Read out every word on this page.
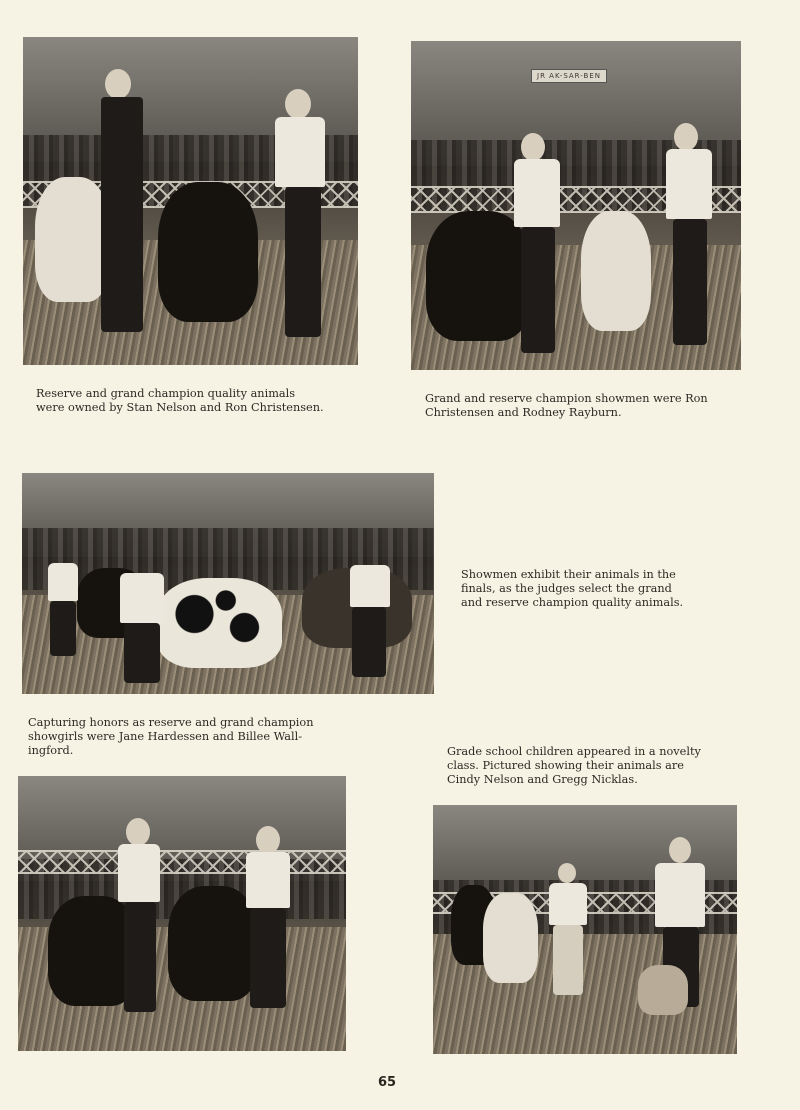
Reserve and grand champion quality animals
were owned by Stan Nelson and Ron Christensen.

JR AK-SAR-BEN

Grand and reserve champion showmen were Ron
Christensen and Rodney Rayburn.

Showmen exhibit their animals in the
finals, as the judges select the grand
and reserve champion quality animals.

Capturing honors as reserve and grand champion
showgirls were Jane Hardessen and Billee Wall-
ingford.	Grade school children appeared in a novelty
class. Pictured showing their animals are
Cindy Nelson and Gregg Nicklas.

65
